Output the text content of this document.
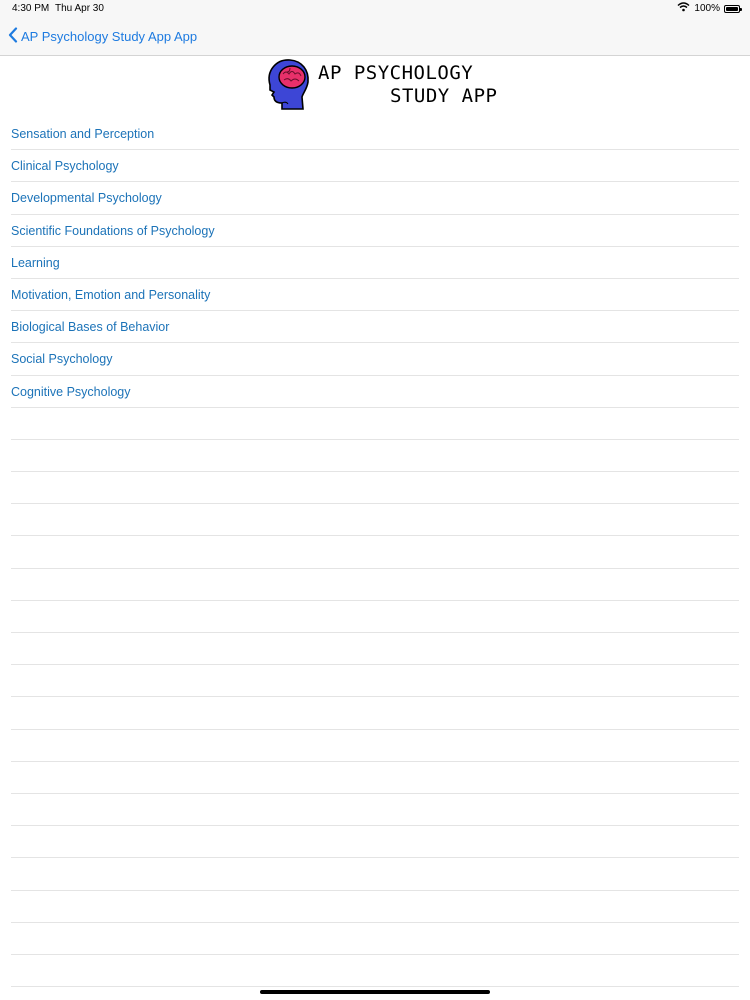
4:30 PM Thu Apr 30	100%
AP Psychology Study App App
AP PSYCHOLOGY
STUDY APP
Sensation and Perception
Clinical Psychology
Developmental Psychology
Scientific Foundations of Psychology
Learning
Motivation, Emotion and Personality
Biological Bases of Behavior
Social Psychology
Cognitive Psychology
